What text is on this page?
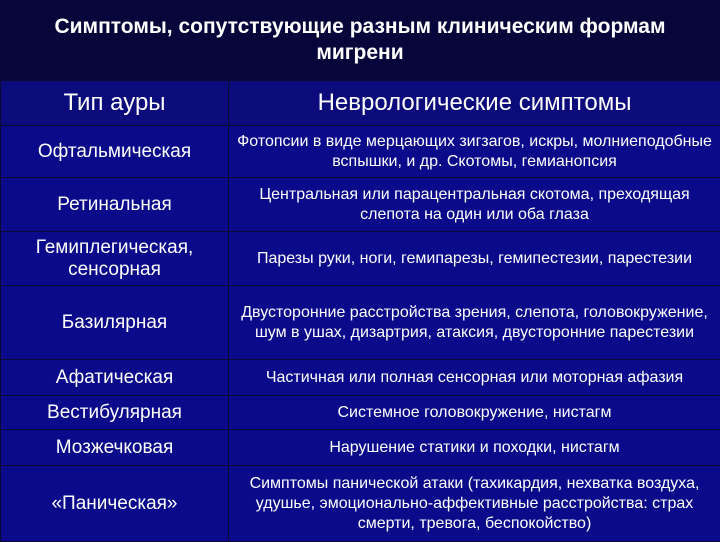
Симптомы, сопутствующие разным клиническим формам мигрени
Тип ауры	Неврологические симптомы
Офтальмическая	Фотопсии в виде мерцающих зигзагов, искры, молниеподобные вспышки, и др. Скотомы, гемианопсия
Ретинальная	Центральная или парацентральная скотома, преходящая слепота на один или оба глаза
Гемиплегическая, сенсорная	Парезы руки, ноги, гемипарезы, гемипестезии, парестезии
Базилярная	Двусторонние расстройства зрения, слепота, головокружение, шум в ушах, дизартрия, атаксия, двусторонние парестезии
Афатическая	Частичная или полная сенсорная или моторная афазия
Вестибулярная	Системное головокружение, нистагм
Мозжечковая	Нарушение статики и походки, нистагм
«Паническая»	Симптомы панической атаки (тахикардия, нехватка воздуха, удушье, эмоционально-аффективные расстройства: страх смерти, тревога, беспокойство)
